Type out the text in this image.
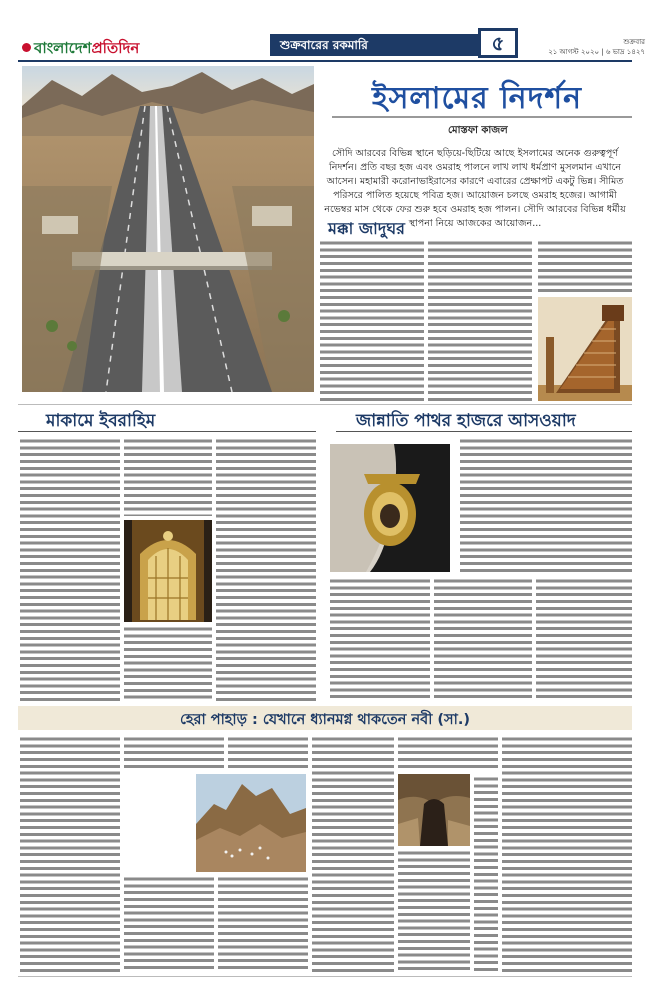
বাংলাদেশপ্রতিদিন	শুক্রবারের রকমারি	৫	শুক্রবার
২১ আগস্ট ২০২০ | ৬ ভাদ্র ১৪২৭
ইসলামের নিদর্শন
মোস্তফা কাজল
সৌদি আরবের বিভিন্ন স্থানে ছড়িয়ে-ছিটিয়ে আছে ইসলামের অনেক গুরুত্বপূর্ণ নিদর্শন। প্রতি বছর হজ এবং ওমরাহ পালনে লাখ লাখ ধর্মপ্রাণ মুসলমান এখানে আসেন। মহামারী করোনাভাইরাসের কারণে এবারের প্রেক্ষাপট একটু ভিন্ন। সীমিত পরিসরে পালিত হয়েছে পবিত্র হজ। আয়োজন চলছে ওমরাহ হজের। আগামী নভেম্বর মাস থেকে ফের শুরু হবে ওমরাহ হজ পালন। সৌদি আরবের বিভিন্ন ধর্মীয় স্থাপনা নিয়ে আজকের আয়োজন...
মক্কা জাদুঘর
মাকামে ইবরাহিম	জান্নাতি পাথর হাজরে আসওয়াদ
হেরা পাহাড় : যেখানে ধ্যানমগ্ন থাকতেন নবী (সা.)
